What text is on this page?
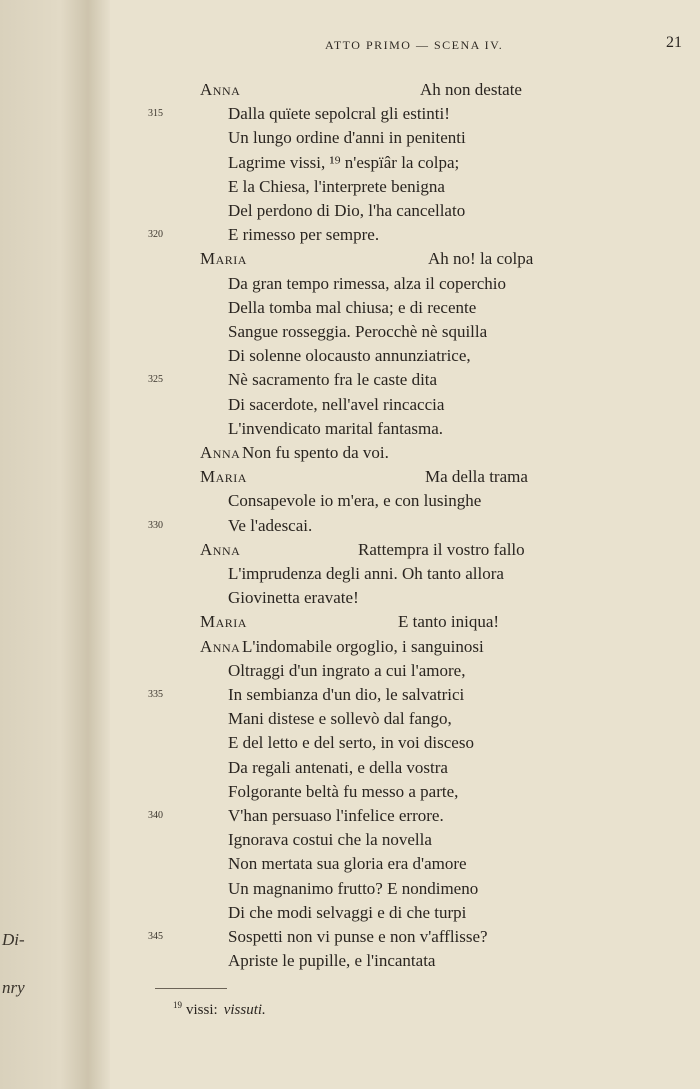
Di-
nry
ATTO PRIMO — SCENA IV.	21
Anna	Ah non destate
315	Dalla quïete sepolcral gli estinti!
Un lungo ordine d'anni in penitenti
Lagrime vissi, ¹⁹ n'espïâr la colpa;
E la Chiesa, l'interprete benigna
Del perdono di Dio, l'ha cancellato
320	E rimesso per sempre.
Maria	Ah no! la colpa
Da gran tempo rimessa, alza il coperchio
Della tomba mal chiusa; e di recente
Sangue rosseggia. Perocchè nè squilla
Di solenne olocausto annunziatrice,
325	Nè sacramento fra le caste dita
Di sacerdote, nell'avel rincaccia
L'invendicato marital fantasma.
Anna Non fu spento da voi.
Maria	Ma della trama
Consapevole io m'era, e con lusinghe
330	Ve l'adescai.
Anna	Rattempra il vostro fallo
L'imprudenza degli anni. Oh tanto allora
Giovinetta eravate!
Maria	E tanto iniqua!
Anna L'indomabile orgoglio, i sanguinosi
Oltraggi d'un ingrato a cui l'amore,
335	In sembianza d'un dio, le salvatrici
Mani distese e sollevò dal fango,
E del letto e del serto, in voi disceso
Da regali antenati, e della vostra
Folgorante beltà fu messo a parte,
340	V'han persuaso l'infelice errore.
Ignorava costui che la novella
Non mertata sua gloria era d'amore
Un magnanimo frutto? E nondimeno
Di che modi selvaggi e di che turpi
345	Sospetti non vi punse e non v'afflisse?
Apriste le pupille, e l'incantata
$^{19}$ vissi: vissuti.
